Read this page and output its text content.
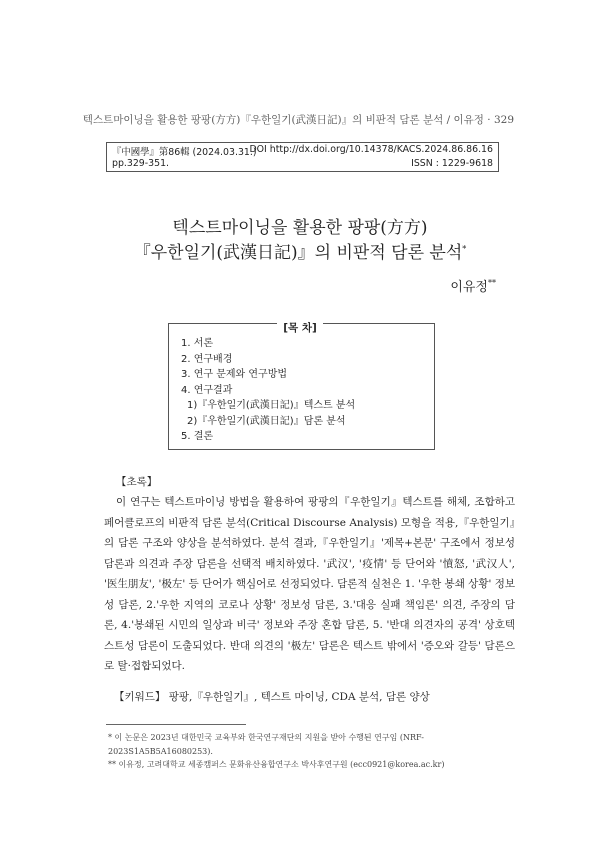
텍스트마이닝을 활용한 팡팡(方方)『우한일기(武漢日記)』의 비판적 담론 분석 / 이유정 · 329
『中國學』第86輯 (2024.03.31.)
DOI http://dx.doi.org/10.14378/KACS.2024.86.86.16
pp.329-351.	ISSN : 1229-9618
텍스트마이닝을 활용한 팡팡(方方)
『우한일기(武漢日記)』의 비판적 담론 분석*
이유정**
[목 차]
1. 서론
2. 연구배경
3. 연구 문제와 연구방법
4. 연구결과
1)『우한일기(武漢日記)』텍스트 분석
2)『우한일기(武漢日記)』담론 분석
5. 결론
【초록】

이 연구는 텍스트마이닝 방법을 활용하여 팡팡의『우한일기』텍스트를 해체, 조합하고 페어클로프의 비판적 담론 분석(Critical Discourse Analysis) 모형을 적용,『우한일기』의 담론 구조와 양상을 분석하였다. 분석 결과,『우한일기』'제목+본문' 구조에서 정보성 담론과 의견과 주장 담론을 선택적 배치하였다. '武汉', '疫情' 등 단어와 '憤怒, '武汉人', '医生朋友', '极左' 등 단어가 핵심어로 선정되었다. 담론적 실천은 1. '우한 봉쇄 상황' 정보성 담론, 2.'우한 지역의 코로나 상황' 정보성 담론, 3.'대응 실패 책임론' 의견, 주장의 담론, 4.'봉쇄된 시민의 일상과 비극' 정보와 주장 혼합 담론, 5. '반대 의견자의 공격' 상호텍스트성 담론이 도출되었다. 반대 의견의 '极左' 담론은 텍스트 밖에서 '증오와 갈등' 담론으로 탈·접합되었다.

【키워드】 팡팡,『우한일기』, 텍스트 마이닝, CDA 분석, 담론 양상
* 이 논문은 2023년 대한민국 교육부와 한국연구재단의 지원을 받아 수행된 연구임 (NRF-2023S1A5B5A16080253).
** 이유정, 고려대학교 세종캠퍼스 문화유산융합연구소 박사후연구원 (ecc0921@korea.ac.kr)
